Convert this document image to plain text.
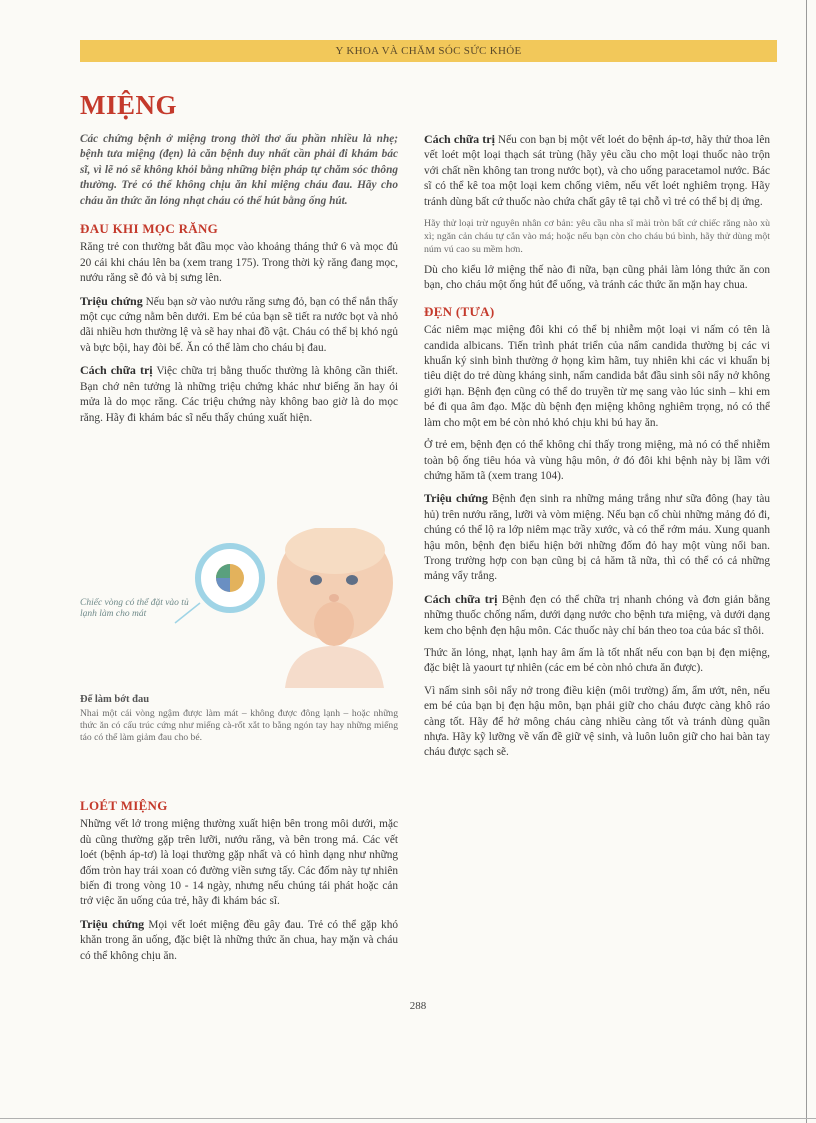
Y KHOA VÀ CHĂM SÓC SỨC KHỎE
MIỆNG

Các chứng bệnh ở miệng trong thời thơ ấu phần nhiều là nhẹ; bệnh tưa miệng (đẹn) là căn bệnh duy nhất cần phải đi khám bác sĩ, vì lẽ nó sẽ không khỏi bằng những biện pháp tự chăm sóc thông thường. Trẻ có thể không chịu ăn khi miệng cháu đau. Hãy cho cháu ăn thức ăn lỏng nhạt cháu có thể hút bằng ống hút.

ĐAU KHI MỌC RĂNG

Răng trẻ con thường bắt đầu mọc vào khoảng tháng thứ 6 và mọc đủ 20 cái khi cháu lên ba (xem trang 175). Trong thời kỳ răng đang mọc, nướu răng sẽ đỏ và bị sưng lên.

Triệu chứng Nếu bạn sờ vào nướu răng sưng đỏ, bạn có thể nắn thấy một cục cứng nằm bên dưới. Em bé của bạn sẽ tiết ra nước bọt và nhỏ dãi nhiều hơn thường lệ và sẽ hay nhai đồ vật. Cháu có thể bị khó ngủ và bực bội, hay đòi bế. Ăn có thể làm cho cháu bị đau.

Cách chữa trị Việc chữa trị bằng thuốc thường là không cần thiết. Bạn chớ nên tưởng là những triệu chứng khác như biếng ăn hay ói mửa là do mọc răng. Các triệu chứng này không bao giờ là do mọc răng. Hãy đi khám bác sĩ nếu thấy chúng xuất hiện.

Chiếc vòng có thể đặt vào tủ lạnh làm cho mát

Để làm bớt đau

Nhai một cái vòng ngậm được làm mát – không được đông lạnh – hoặc những thức ăn có cấu trúc cứng như miếng cà-rốt xắt to bằng ngón tay hay những miếng táo có thể làm giảm đau cho bé.

LOÉT MIỆNG

Những vết lở trong miệng thường xuất hiện bên trong môi dưới, mặc dù cũng thường gặp trên lưỡi, nướu răng, và bên trong má. Các vết loét (bệnh áp-tơ) là loại thường gặp nhất và có hình dạng như những đốm tròn hay trái xoan có đường viền sưng tấy. Các đốm này tự nhiên biến đi trong vòng 10 - 14 ngày, nhưng nếu chúng tái phát hoặc cản trở việc ăn uống của trẻ, hãy đi khám bác sĩ.

Triệu chứng Mọi vết loét miệng đều gây đau. Trẻ có thể gặp khó khăn trong ăn uống, đặc biệt là những thức ăn chua, hay mặn và cháu có thể không chịu ăn.

Cách chữa trị Nếu con bạn bị một vết loét do bệnh áp-tơ, hãy thử thoa lên vết loét một loại thạch sát trùng (hãy yêu cầu cho một loại thuốc nào trộn với chất nền không tan trong nước bọt), và cho uống paracetamol nước. Bác sĩ có thể kê toa một loại kem chống viêm, nếu vết loét nghiêm trọng. Hãy tránh dùng bất cứ thuốc nào chứa chất gây tê tại chỗ vì trẻ có thể bị dị ứng.

Hãy thử loại trừ nguyên nhân cơ bản: yêu cầu nha sĩ mài tròn bất cứ chiếc răng nào xù xì; ngăn cản cháu tự cắn vào má; hoặc nếu bạn còn cho cháu bú bình, hãy thử dùng một núm vú cao su mềm hơn.

Dù cho kiểu lở miệng thế nào đi nữa, bạn cũng phải làm lỏng thức ăn con bạn, cho cháu một ống hút để uống, và tránh các thức ăn mặn hay chua.

ĐẸN (TƯA)

Các niêm mạc miệng đôi khi có thể bị nhiễm một loại vi nấm có tên là candida albicans. Tiến trình phát triển của nấm candida thường bị các vi khuẩn ký sinh bình thường ở họng kìm hãm, tuy nhiên khi các vi khuẩn bị tiêu diệt do trẻ dùng kháng sinh, nấm candida bắt đầu sinh sôi nẩy nở không giới hạn. Bệnh đẹn cũng có thể do truyền từ mẹ sang vào lúc sinh – khi em bé đi qua âm đạo. Mặc dù bệnh đẹn miệng không nghiêm trọng, nó có thể làm cho một em bé còn nhỏ khó chịu khi bú hay ăn.

Ở trẻ em, bệnh đẹn có thể không chỉ thấy trong miệng, mà nó có thể nhiễm toàn bộ ống tiêu hóa và vùng hậu môn, ở đó đôi khi bệnh này bị lầm với chứng hăm tã (xem trang 104).

Triệu chứng Bệnh đẹn sinh ra những mảng trắng như sữa đông (hay tàu hủ) trên nướu răng, lưỡi và vòm miệng. Nếu bạn cố chùi những mảng đó đi, chúng có thể lộ ra lớp niêm mạc trầy xước, và có thể rớm máu. Xung quanh hậu môn, bệnh đẹn biểu hiện bởi những đốm đỏ hay một vùng nổi ban. Trong trường hợp con bạn cũng bị cả hăm tã nữa, thì có thể có cả những mảng vẩy trắng.

Cách chữa trị Bệnh đẹn có thể chữa trị nhanh chóng và đơn giản bằng những thuốc chống nấm, dưới dạng nước cho bệnh tưa miệng, và dưới dạng kem cho bệnh đẹn hậu môn. Các thuốc này chỉ bán theo toa của bác sĩ thôi.

Thức ăn lỏng, nhạt, lạnh hay âm ấm là tốt nhất nếu con bạn bị đẹn miệng, đặc biệt là yaourt tự nhiên (các em bé còn nhỏ chưa ăn được).

Vì nấm sinh sôi nẩy nở trong điều kiện (môi trường) ấm, ẩm ướt, nên, nếu em bé của bạn bị đẹn hậu môn, bạn phải giữ cho cháu được càng khô ráo càng tốt. Hãy để hở mông cháu càng nhiều càng tốt và tránh dùng quần nhựa. Hãy kỹ lưỡng về vấn đề giữ vệ sinh, và luôn luôn giữ cho hai bàn tay cháu được sạch sẽ.

288
